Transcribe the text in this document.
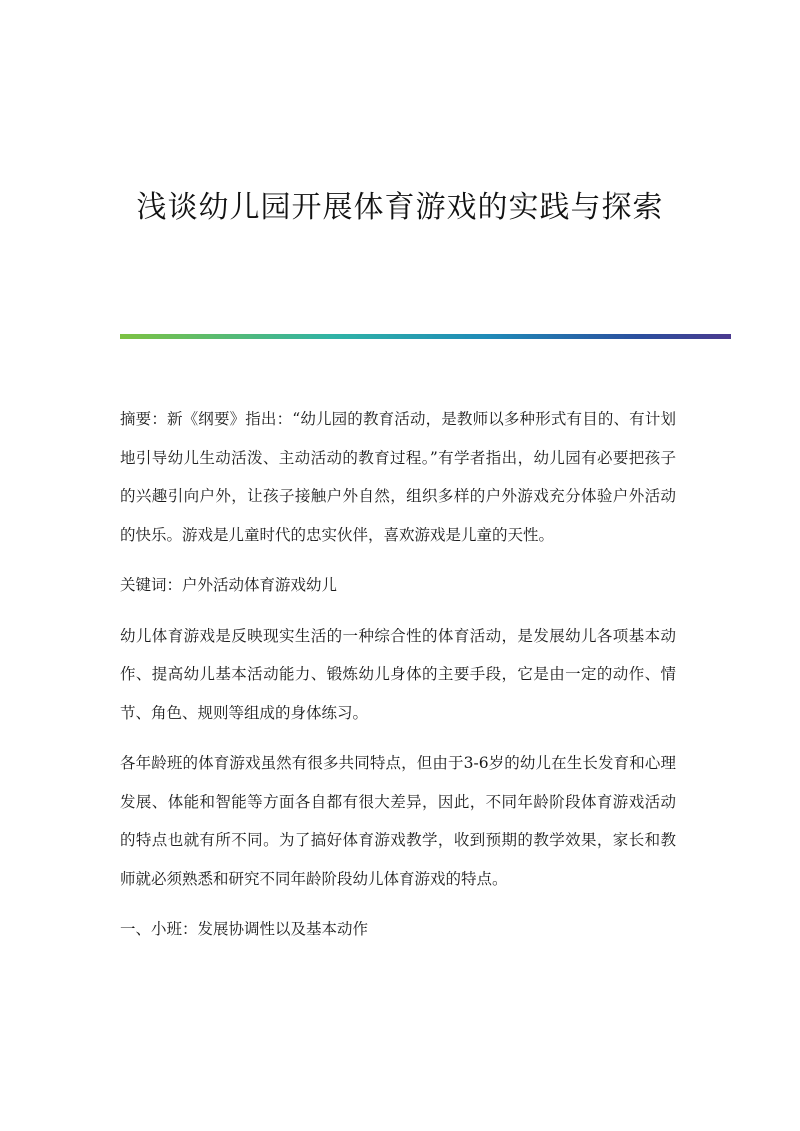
浅谈幼儿园开展体育游戏的实践与探索

摘要：新《纲要》指出：“幼儿园的教育活动，是教师以多种形式有目的、有计划地引导幼儿生动活泼、主动活动的教育过程。”有学者指出，幼儿园有必要把孩子的兴趣引向户外，让孩子接触户外自然，组织多样的户外游戏充分体验户外活动的快乐。游戏是儿童时代的忠实伙伴，喜欢游戏是儿童的天性。

关键词：户外活动体育游戏幼儿

幼儿体育游戏是反映现实生活的一种综合性的体育活动，是发展幼儿各项基本动作、提高幼儿基本活动能力、锻炼幼儿身体的主要手段，它是由一定的动作、情节、角色、规则等组成的身体练习。

各年龄班的体育游戏虽然有很多共同特点，但由于3-6岁的幼儿在生长发育和心理发展、体能和智能等方面各自都有很大差异，因此，不同年龄阶段体育游戏活动的特点也就有所不同。为了搞好体育游戏教学，收到预期的教学效果，家长和教师就必须熟悉和研究不同年龄阶段幼儿体育游戏的特点。

一、小班：发展协调性以及基本动作
